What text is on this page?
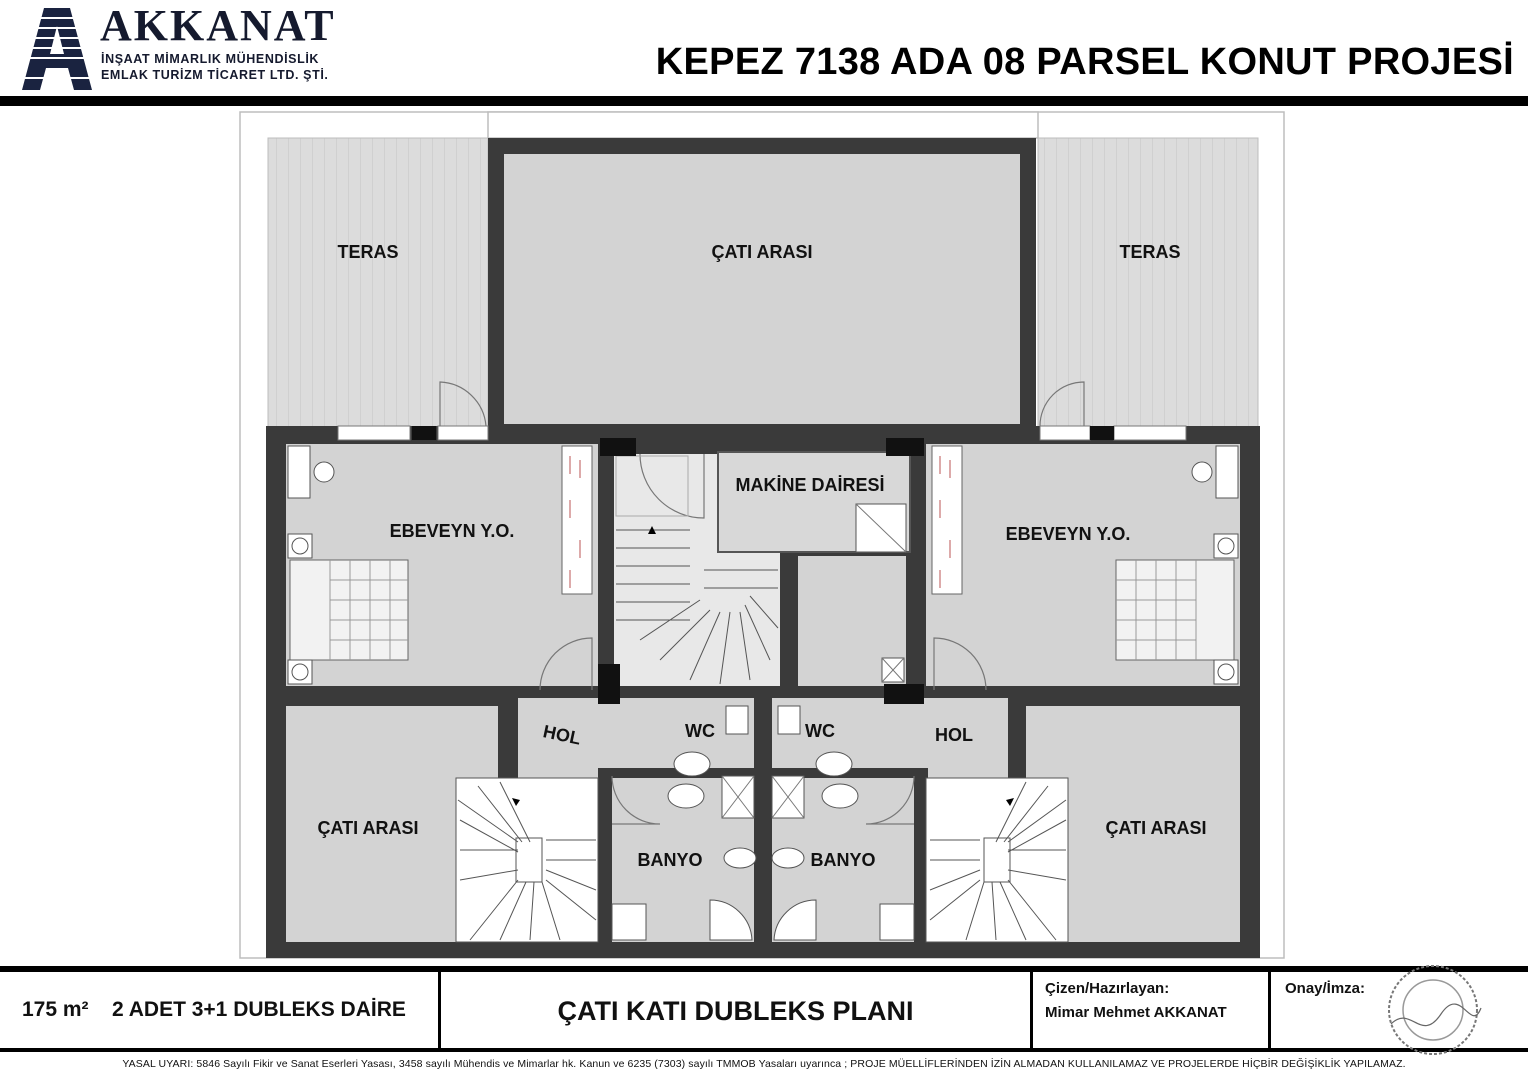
AKKANAT
İNŞAAT MİMARLIK MÜHENDİSLİK
EMLAK TURİZM TİCARET LTD. ŞTİ.	KEPEZ 7138 ADA 08 PARSEL KONUT PROJESİ
TERAS	ÇATI ARASI	TERAS
MAKİNE DAİRESİ
EBEVEYN Y.O.	EBEVEYN Y.O.
HOL	WC	WC	HOL
ÇATI ARASI	ÇATI ARASI
BANYO	BANYO
175 m² 2 ADET 3+1 DUBLEKS DAİRE	ÇATI KATI DUBLEKS PLANI
Çizen/Hazırlayan:
Mimar Mehmet AKKANAT
Onay/İmza:
YASAL UYARI: 5846 Sayılı Fikir ve Sanat Eserleri Yasası, 3458 sayılı Mühendis ve Mimarlar hk. Kanun ve 6235 (7303) sayılı TMMOB Yasaları uyarınca ; PROJE MÜELLİFLERİNDEN İZİN ALMADAN KULLANILAMAZ VE PROJELERDE HİÇBİR DEĞİŞİKLİK YAPILAMAZ.
